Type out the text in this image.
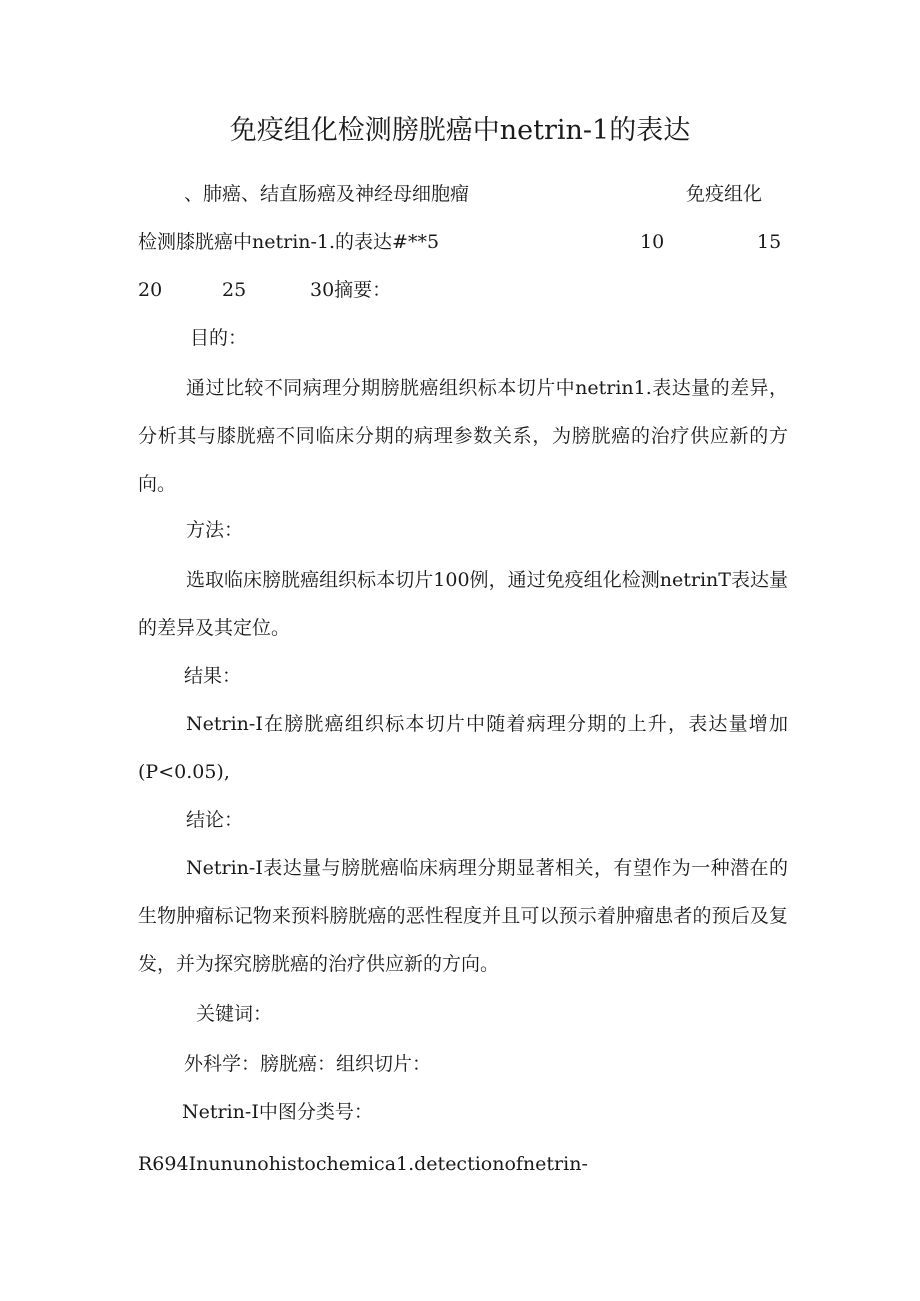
免疫组化检测膀胱癌中netrin-1的表达
、肺癌、结直肠癌及神经母细胞瘤	免疫组化
检测膝胱癌中netrin-1.的表达#**5	10	15
20	25	30摘要：
目的：
通过比较不同病理分期膀胱癌组织标本切片中netrin1.表达量的差异，分析其与膝胱癌不同临床分期的病理参数关系，为膀胱癌的治疗供应新的方向。
方法：
选取临床膀胱癌组织标本切片100例，通过免疫组化检测netrinT表达量的差异及其定位。
结果：
Netrin-I在膀胱癌组织标本切片中随着病理分期的上升，表达量增加(P<0.05),
结论：
Netrin-I表达量与膀胱癌临床病理分期显著相关，有望作为一种潜在的生物肿瘤标记物来预料膀胱癌的恶性程度并且可以预示着肿瘤患者的预后及复发，并为探究膀胱癌的治疗供应新的方向。
关键词：
外科学：膀胱癌：组织切片：
Netrin-I中图分类号：
R694Inununohistochemica1.detectionofnetrin-
